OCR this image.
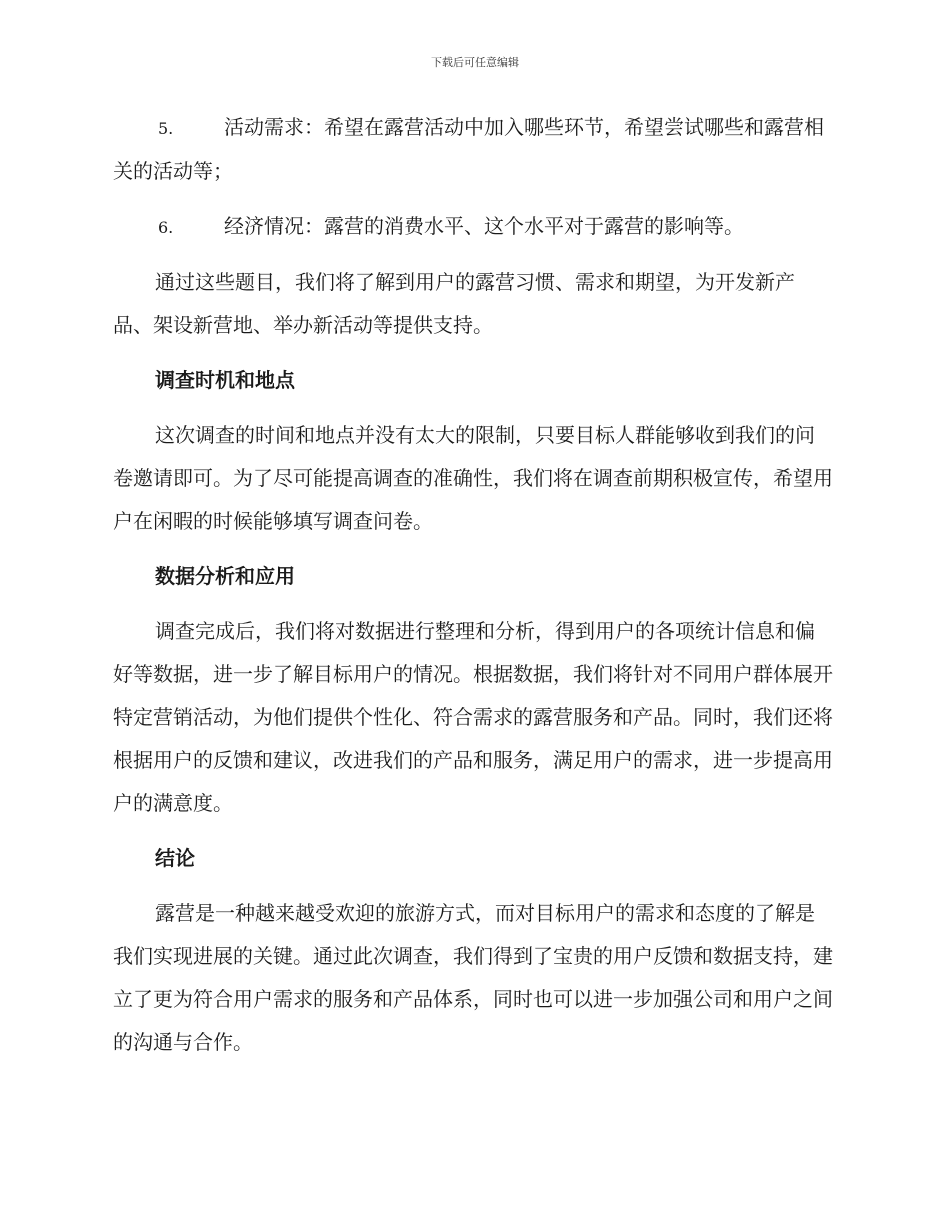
下载后可任意编辑

5.	活动需求：希望在露营活动中加入哪些环节，希望尝试哪些和露营相关的活动等；

6.	经济情况：露营的消费水平、这个水平对于露营的影响等。

通过这些题目，我们将了解到用户的露营习惯、需求和期望，为开发新产品、架设新营地、举办新活动等提供支持。

调查时机和地点

这次调查的时间和地点并没有太大的限制，只要目标人群能够收到我们的问卷邀请即可。为了尽可能提高调查的准确性，我们将在调查前期积极宣传，希望用户在闲暇的时候能够填写调查问卷。

数据分析和应用

调查完成后，我们将对数据进行整理和分析，得到用户的各项统计信息和偏好等数据，进一步了解目标用户的情况。根据数据，我们将针对不同用户群体展开特定营销活动，为他们提供个性化、符合需求的露营服务和产品。同时，我们还将根据用户的反馈和建议，改进我们的产品和服务，满足用户的需求，进一步提高用户的满意度。

结论

露营是一种越来越受欢迎的旅游方式，而对目标用户的需求和态度的了解是我们实现进展的关键。通过此次调查，我们得到了宝贵的用户反馈和数据支持，建立了更为符合用户需求的服务和产品体系，同时也可以进一步加强公司和用户之间的沟通与合作。
